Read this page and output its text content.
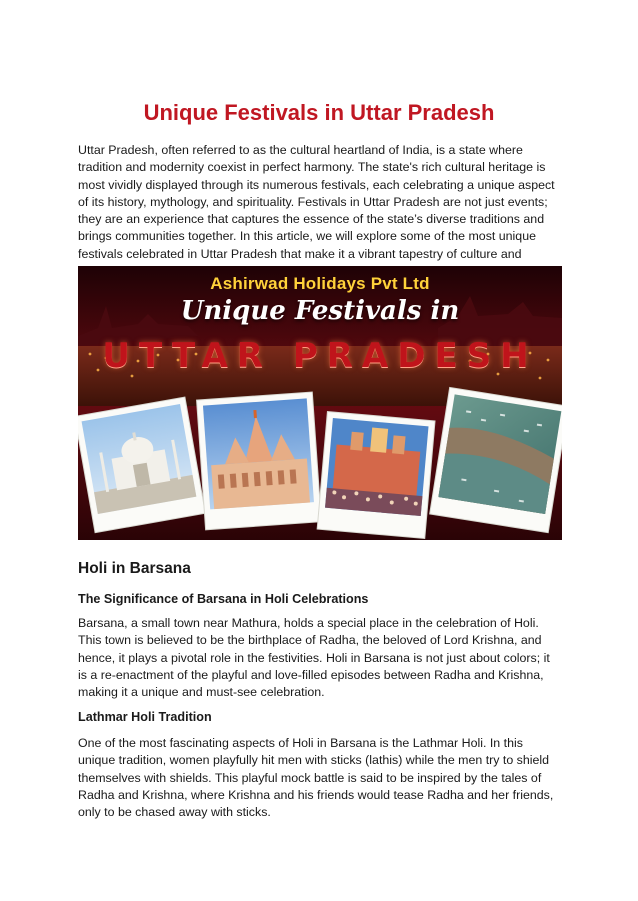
Unique Festivals in Uttar Pradesh

Uttar Pradesh, often referred to as the cultural heartland of India, is a state where tradition and modernity coexist in perfect harmony. The state's rich cultural heritage is most vividly displayed through its numerous festivals, each celebrating a unique aspect of its history, mythology, and spirituality. Festivals in Uttar Pradesh are not just events; they are an experience that captures the essence of the state’s diverse traditions and brings communities together. In this article, we will explore some of the most unique festivals celebrated in Uttar Pradesh that make it a vibrant tapestry of culture and

Ashirwad Holidays Pvt Ltd
Unique Festivals in
UTTAR PRADESH
Holi in Barsana
The Significance of Barsana in Holi Celebrations

Barsana, a small town near Mathura, holds a special place in the celebration of Holi. This town is believed to be the birthplace of Radha, the beloved of Lord Krishna, and hence, it plays a pivotal role in the festivities. Holi in Barsana is not just about colors; it is a re-enactment of the playful and love-filled episodes between Radha and Krishna, making it a unique and must-see celebration.

Lathmar Holi Tradition

One of the most fascinating aspects of Holi in Barsana is the Lathmar Holi. In this unique tradition, women playfully hit men with sticks (lathis) while the men try to shield themselves with shields. This playful mock battle is said to be inspired by the tales of Radha and Krishna, where Krishna and his friends would tease Radha and her friends, only to be chased away with sticks.
